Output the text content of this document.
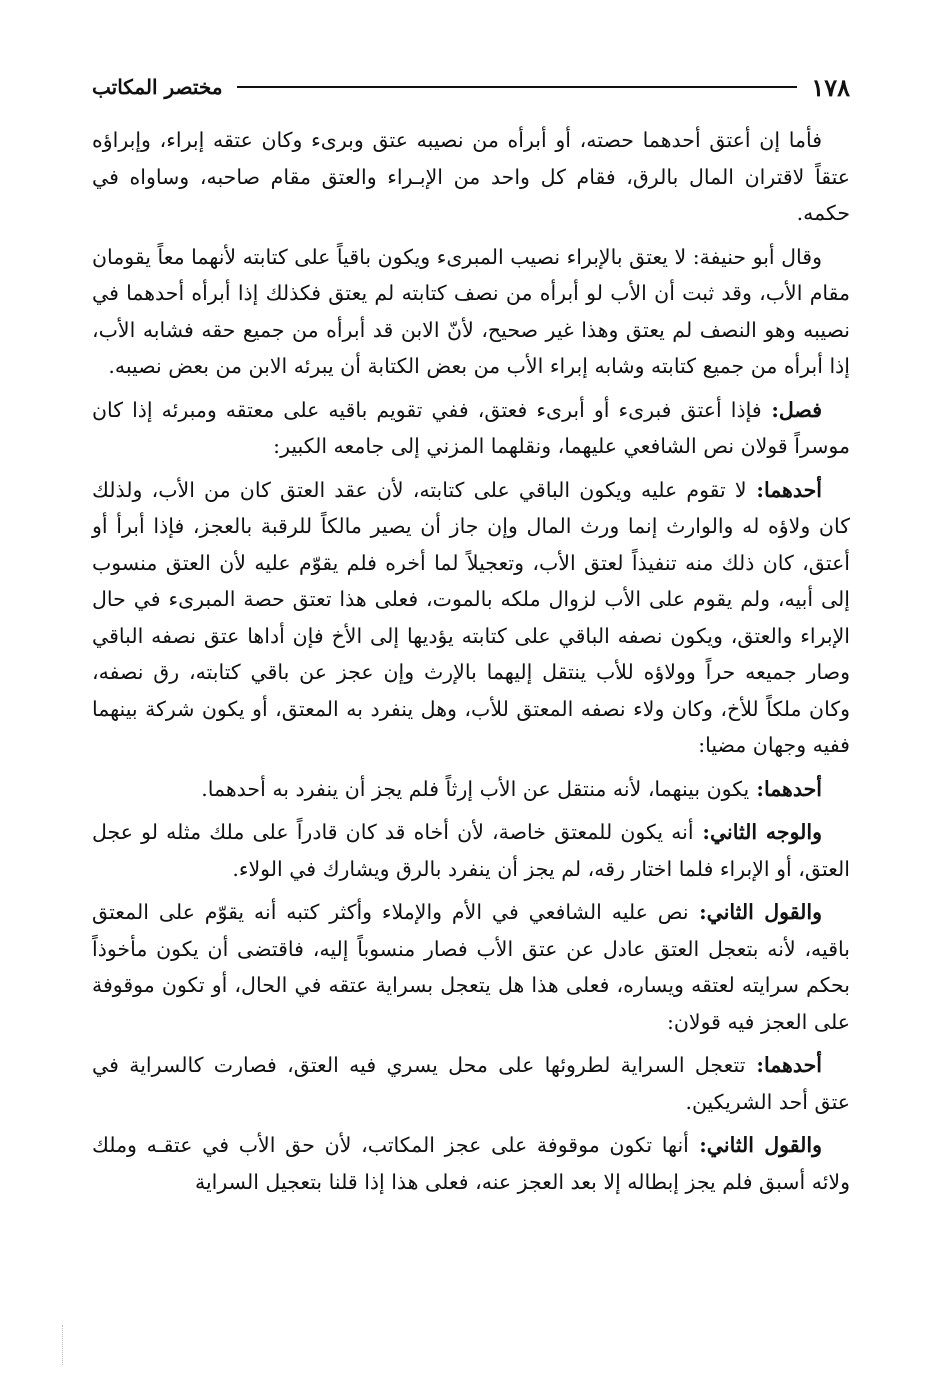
١٧٨
مختصر المكاتب

فأما إن أعتق أحدهما حصته، أو أبرأه من نصيبه عتق وبرىء وكان عتقه إبراء، وإبراؤه عتقاً لاقتران المال بالرق، فقام كل واحد من الإبـراء والعتق مقام صاحبه، وساواه في حكمه.

وقال أبو حنيفة: لا يعتق بالإبراء نصيب المبرىء ويكون باقياً على كتابته لأنهما معاً يقومان مقام الأب، وقد ثبت أن الأب لو أبرأه من نصف كتابته لم يعتق فكذلك إذا أبرأه أحدهما في نصيبه وهو النصف لم يعتق وهذا غير صحيح، لأنّ الابن قد أبرأه من جميع حقه فشابه الأب، إذا أبرأه من جميع كتابته وشابه إبراء الأب من بعض الكتابة أن يبرئه الابن من بعض نصيبه.

فصل: فإذا أعتق فبرىء أو أبرىء فعتق، ففي تقويم باقيه على معتقه ومبرئه إذا كان موسراً قولان نص الشافعي عليهما، ونقلهما المزني إلى جامعه الكبير:

أحدهما: لا تقوم عليه ويكون الباقي على كتابته، لأن عقد العتق كان من الأب، ولذلك كان ولاؤه له والوارث إنما ورث المال وإن جاز أن يصير مالكاً للرقبة بالعجز، فإذا أبرأ أو أعتق، كان ذلك منه تنفيذاً لعتق الأب، وتعجيلاً لما أخره فلم يقوّم عليه لأن العتق منسوب إلى أبيه، ولم يقوم على الأب لزوال ملكه بالموت، فعلى هذا تعتق حصة المبرىء في حال الإبراء والعتق، ويكون نصفه الباقي على كتابته يؤديها إلى الأخ فإن أداها عتق نصفه الباقي وصار جميعه حراً وولاؤه للأب ينتقل إليهما بالإرث وإن عجز عن باقي كتابته، رق نصفه، وكان ملكاً للأخ، وكان ولاء نصفه المعتق للأب، وهل ينفرد به المعتق، أو يكون شركة بينهما ففيه وجهان مضيا:

أحدهما: يكون بينهما، لأنه منتقل عن الأب إرثاً فلم يجز أن ينفرد به أحدهما.

والوجه الثاني: أنه يكون للمعتق خاصة، لأن أخاه قد كان قادراً على ملك مثله لو عجل العتق، أو الإبراء فلما اختار رقه، لم يجز أن ينفرد بالرق ويشارك في الولاء.

والقول الثاني: نص عليه الشافعي في الأم والإملاء وأكثر كتبه أنه يقوّم على المعتق باقيه، لأنه بتعجل العتق عادل عن عتق الأب فصار منسوباً إليه، فاقتضى أن يكون مأخوذاً بحكم سرايته لعتقه ويساره، فعلى هذا هل يتعجل بسراية عتقه في الحال، أو تكون موقوفة على العجز فيه قولان:

أحدهما: تتعجل السراية لطروئها على محل يسري فيه العتق، فصارت كالسراية في عتق أحد الشريكين.

والقول الثاني: أنها تكون موقوفة على عجز المكاتب، لأن حق الأب في عتقـه وملك ولائه أسبق فلم يجز إبطاله إلا بعد العجز عنه، فعلى هذا إذا قلنا بتعجيل السراية
